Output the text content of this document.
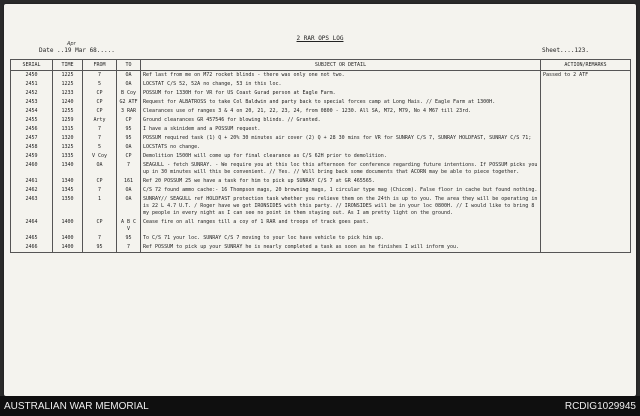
2 RAR OPS LOG
Date ..19 Mar 68.....
Apr
Sheet....123.
SERIAL	TIME	FROM	TO	SUBJECT OR DETAIL	ACTION/REMARKS
2450	1225	7	OA	Ref last from me on M72 rocket blinds - there was only one not two.	Passed to 2 ATF
2451	1225	5	OA	LOCSTAT C/S 52, 52A no change, 53 in this loc.	
2452	1233	CP	B Coy	POSSUM for 1330H for VR for US Coast Gurad person at Eagle Farm.	
2453	1240	CP	G2 ATF	Request for ALBATROSS to take Col Baldwin and party back to special forces camp at Long Hais. // Eagle Farm at 1300H.	
2454	1255	CP	3 RAR	Clearances use of ranges 3 & 4 on 20, 21, 22, 23, 24, from 0800 - 1230. All SA, M72, M79, No 4 M67 till 23rd.	
2455	1259	Arty	CP	Ground clearances GR 457546 for blowing blinds. // Granted.	
2456	1315	7	95	I have a skinidem and a POSSUM request.	
2457	1320	7	95	POSSUM required task (1) Q + 20% 30 minutes air cover (2) Q + 28 30 mins for VR for SUNRAY C/S 7, SUNRAY HOLDFAST, SUNRAY C/S 71;	
2458	1325	5	OA	LOCSTATS no change.	
2459	1335	V Coy	CP	Demolition 1500H will come up for final clearance as C/S 62H prior to demolition.	
2460	1340	OA	7	SEAGULL - fetch SUNRAY. - We require you at this loc this afternoon for conference regarding future intentions. If POSSUM picks you up in 30 minutes will this be convenient. // Yes. // Will bring back some documents that ACORN may be able to piece together.	
2461	1340	CP	161	Ref 20 POSSUM 25 we have a task for him to pick up SUNRAY C/S 7 at GR 465565.	
2462	1345	7	OA	C/S 72 found ammo cache:- 16 Thompson mags, 20 browning mags, 1 circular type mag (Chicom). False floor in cache but found nothing.	
2463	1350	1	OA	SUNRAY// SEAGULL ref HOLDFAST protection task whether you relieve them on the 24th is up to you. The area they will be operating in is 22 L 4.7 U.T. / Roger have we got IRONSIDES with this party. // IRONSIDES will be in your loc 0800H. // I would like to bring 8 my people in every night as I can see no point in them staying out. As I am pretty light on the ground.	
2464	1400	CP	A B C V	Cease fire on all ranges till a coy of 1 RAR and troops of track goes past.	
2465	1400	7	95	To C/S 71 your loc. SUNRAY C/S 7 moving to your loc have vehicle to pick him up.	
2466	1400	95	7	Ref POSSUM to pick up your SUNRAY he is nearly completed a task as soon as he finishes I will inform you.	
AUSTRALIAN WAR MEMORIAL	RCDIG1029945
